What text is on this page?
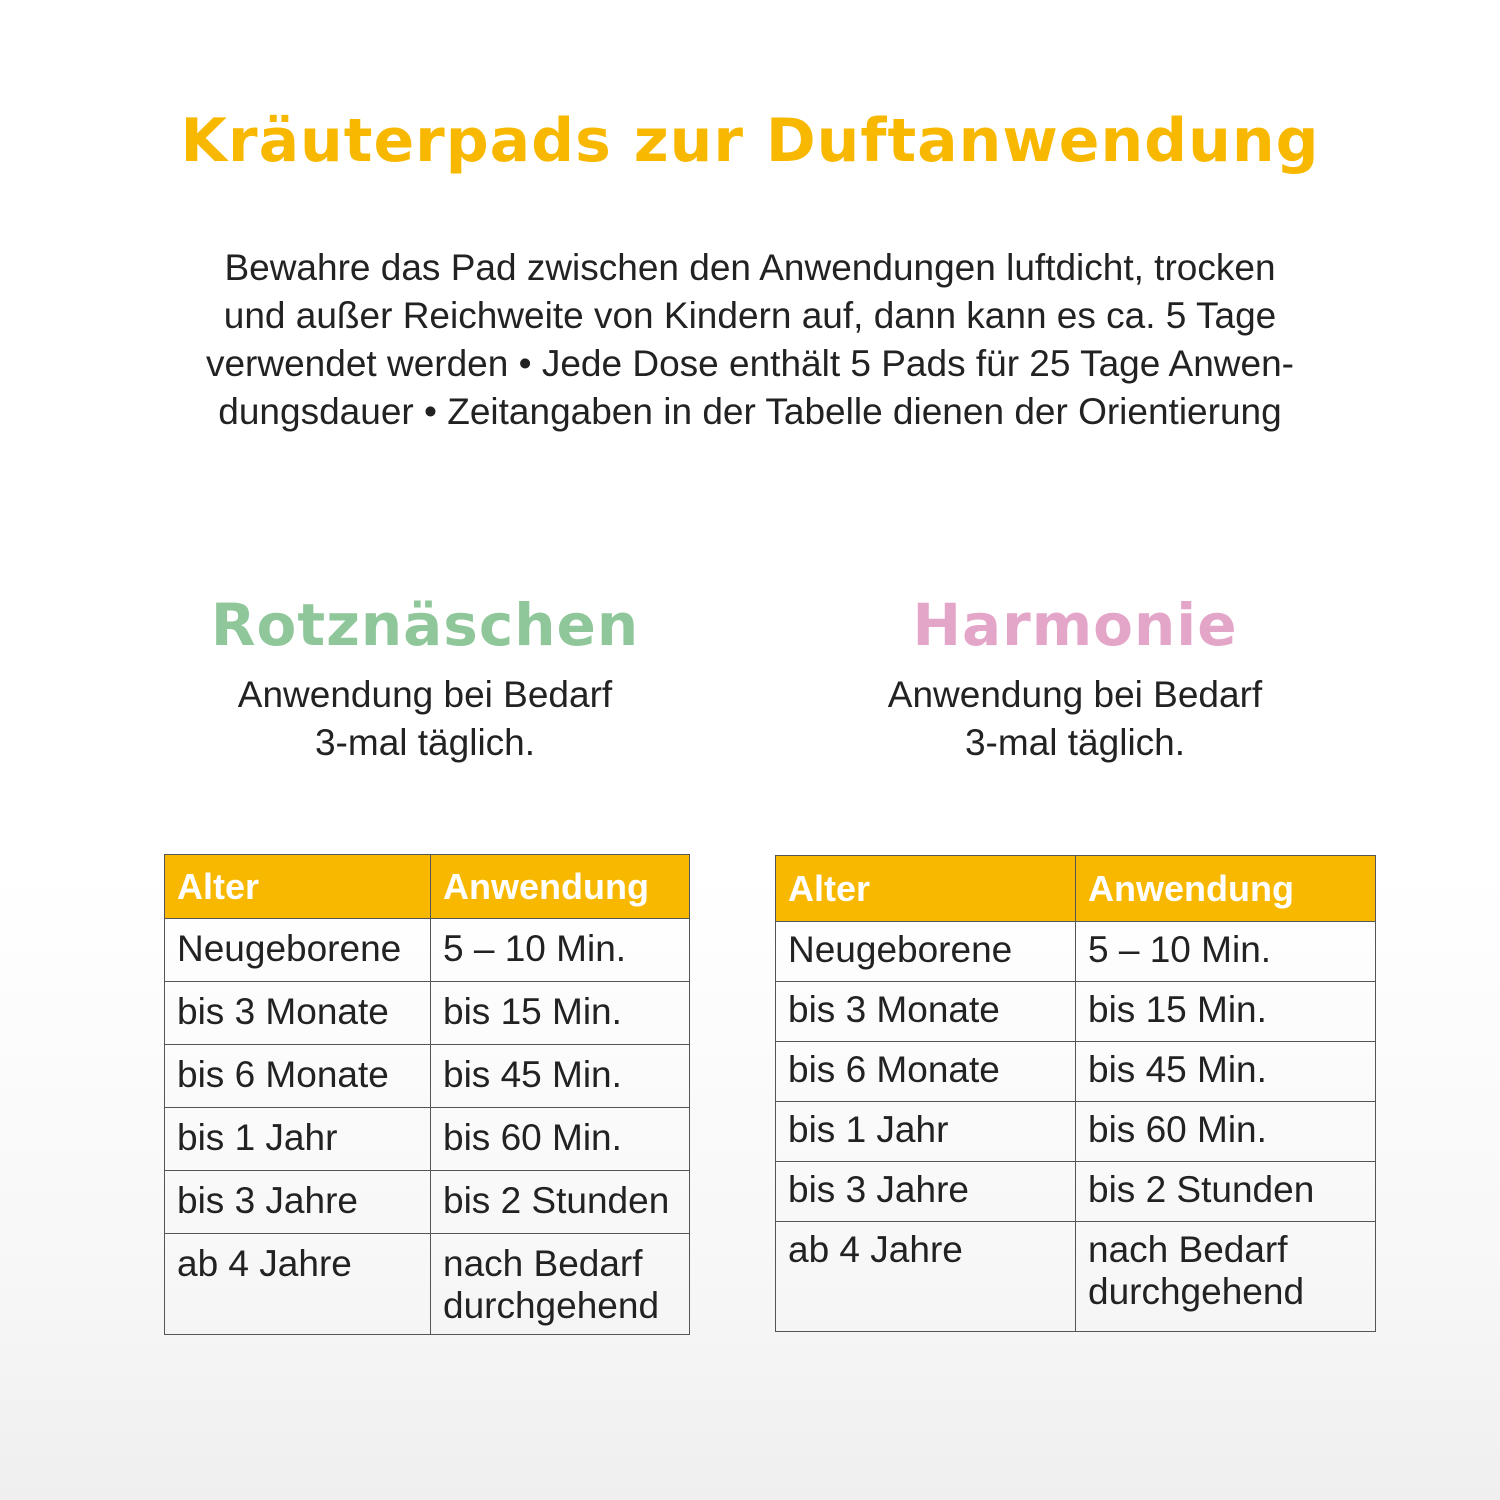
Kräuterpads zur Duftanwendung

Bewahre das Pad zwischen den Anwendungen luftdicht, trocken
und außer Reichweite von Kindern auf, dann kann es ca. 5 Tage
verwendet werden • Jede Dose enthält 5 Pads für 25 Tage Anwen-
dungsdauer • Zeitangaben in der Tabelle dienen der Orientierung

Rotznäschen
Anwendung bei Bedarf
3-mal täglich.
Harmonie
Anwendung bei Bedarf
3-mal täglich.
Alter	Anwendung
Neugeborene	5 – 10 Min.
bis 3 Monate	bis 15 Min.
bis 6 Monate	bis 45 Min.
bis 1 Jahr	bis 60 Min.
bis 3 Jahre	bis 2 Stunden
ab 4 Jahre	nach Bedarf
durchgehend
Alter	Anwendung
Neugeborene	5 – 10 Min.
bis 3 Monate	bis 15 Min.
bis 6 Monate	bis 45 Min.
bis 1 Jahr	bis 60 Min.
bis 3 Jahre	bis 2 Stunden
ab 4 Jahre	nach Bedarf
durchgehend
